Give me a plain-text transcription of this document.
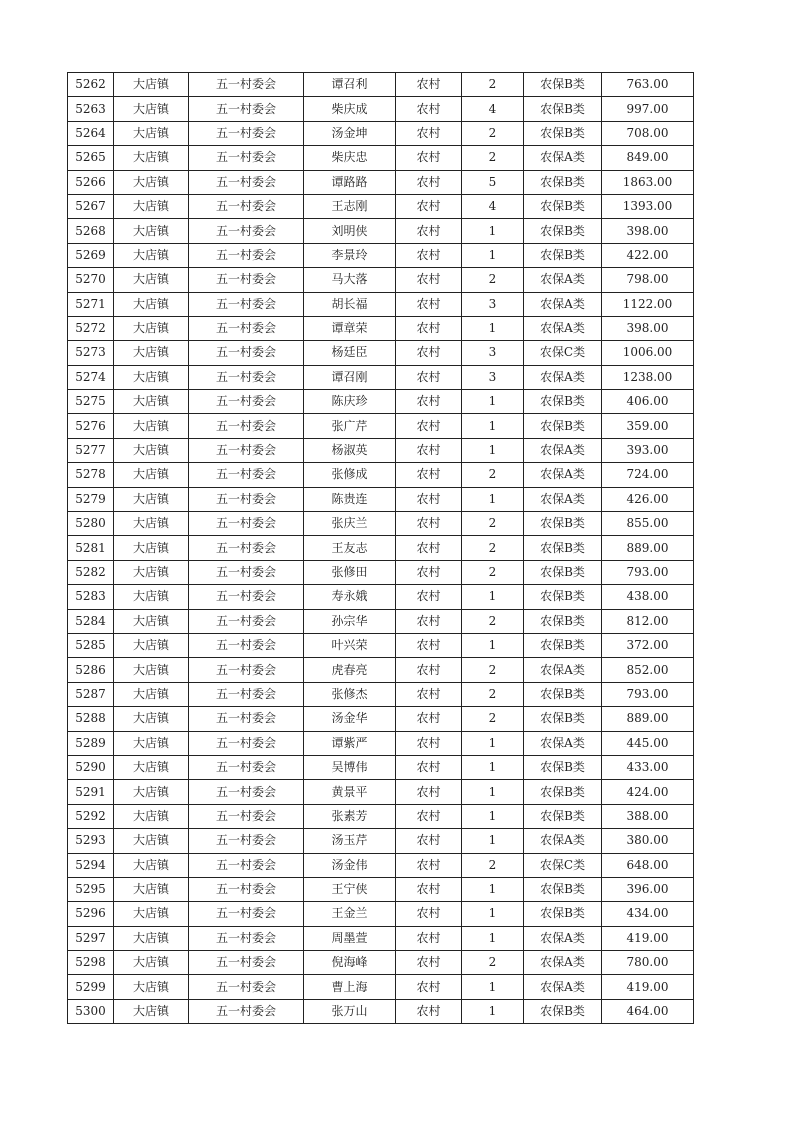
5262	大店镇	五一村委会	谭召利	农村	2	农保B类	763.00
5263	大店镇	五一村委会	柴庆成	农村	4	农保B类	997.00
5264	大店镇	五一村委会	汤金坤	农村	2	农保B类	708.00
5265	大店镇	五一村委会	柴庆忠	农村	2	农保A类	849.00
5266	大店镇	五一村委会	谭路路	农村	5	农保B类	1863.00
5267	大店镇	五一村委会	王志刚	农村	4	农保B类	1393.00
5268	大店镇	五一村委会	刘明侠	农村	1	农保B类	398.00
5269	大店镇	五一村委会	李景玲	农村	1	农保B类	422.00
5270	大店镇	五一村委会	马大落	农村	2	农保A类	798.00
5271	大店镇	五一村委会	胡长福	农村	3	农保A类	1122.00
5272	大店镇	五一村委会	谭章荣	农村	1	农保A类	398.00
5273	大店镇	五一村委会	杨廷臣	农村	3	农保C类	1006.00
5274	大店镇	五一村委会	谭召刚	农村	3	农保A类	1238.00
5275	大店镇	五一村委会	陈庆珍	农村	1	农保B类	406.00
5276	大店镇	五一村委会	张广芹	农村	1	农保B类	359.00
5277	大店镇	五一村委会	杨淑英	农村	1	农保A类	393.00
5278	大店镇	五一村委会	张修成	农村	2	农保A类	724.00
5279	大店镇	五一村委会	陈贵连	农村	1	农保A类	426.00
5280	大店镇	五一村委会	张庆兰	农村	2	农保B类	855.00
5281	大店镇	五一村委会	王友志	农村	2	农保B类	889.00
5282	大店镇	五一村委会	张修田	农村	2	农保B类	793.00
5283	大店镇	五一村委会	寿永娥	农村	1	农保B类	438.00
5284	大店镇	五一村委会	孙宗华	农村	2	农保B类	812.00
5285	大店镇	五一村委会	叶兴荣	农村	1	农保B类	372.00
5286	大店镇	五一村委会	虎春亮	农村	2	农保A类	852.00
5287	大店镇	五一村委会	张修杰	农村	2	农保B类	793.00
5288	大店镇	五一村委会	汤金华	农村	2	农保B类	889.00
5289	大店镇	五一村委会	谭紫严	农村	1	农保A类	445.00
5290	大店镇	五一村委会	吴博伟	农村	1	农保B类	433.00
5291	大店镇	五一村委会	黄景平	农村	1	农保B类	424.00
5292	大店镇	五一村委会	张素芳	农村	1	农保B类	388.00
5293	大店镇	五一村委会	汤玉芹	农村	1	农保A类	380.00
5294	大店镇	五一村委会	汤金伟	农村	2	农保C类	648.00
5295	大店镇	五一村委会	王宁侠	农村	1	农保B类	396.00
5296	大店镇	五一村委会	王金兰	农村	1	农保B类	434.00
5297	大店镇	五一村委会	周墨萱	农村	1	农保A类	419.00
5298	大店镇	五一村委会	倪海峰	农村	2	农保A类	780.00
5299	大店镇	五一村委会	曹上海	农村	1	农保A类	419.00
5300	大店镇	五一村委会	张万山	农村	1	农保B类	464.00
